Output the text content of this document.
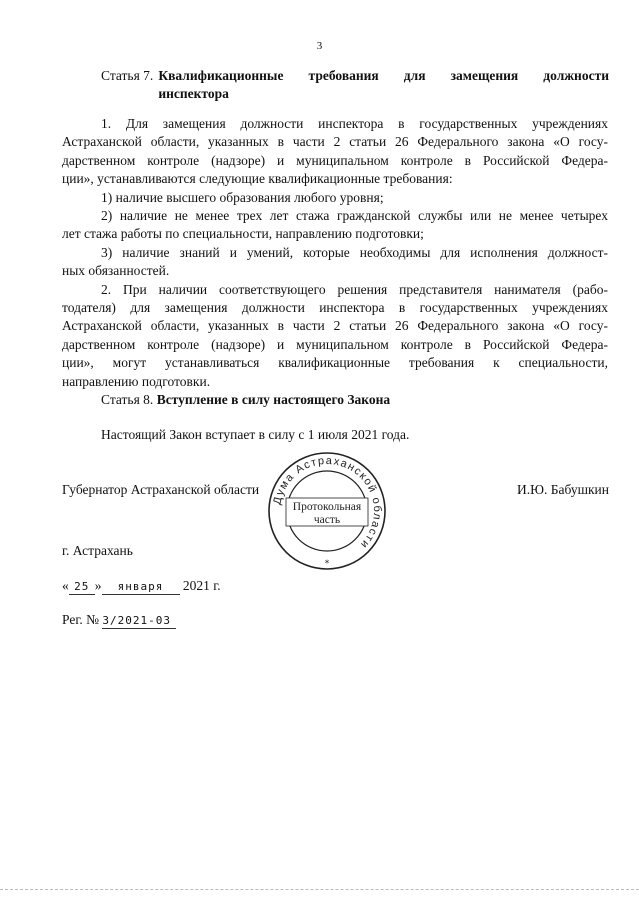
3
Статья 7. Квалификационные требования для замещения должности
инспектора
1. Для замещения должности инспектора в государственных учреждениях
Астраханской области, указанных в части 2 статьи 26 Федерального закона «О госу-
дарственном контроле (надзоре) и муниципальном контроле в Российской Федера-
ции», устанавливаются следующие квалификационные требования:
1) наличие высшего образования любого уровня;
2) наличие не менее трех лет стажа гражданской службы или не менее четырех
лет стажа работы по специальности, направлению подготовки;
3) наличие знаний и умений, которые необходимы для исполнения должност-
ных обязанностей.
2. При наличии соответствующего решения представителя нанимателя (рабо-
тодателя) для замещения должности инспектора в государственных учреждениях
Астраханской области, указанных в части 2 статьи 26 Федерального закона «О госу-
дарственном контроле (надзоре) и муниципальном контроле в Российской Федера-
ции», могут устанавливаться квалификационные требования к специальности,
направлению подготовки.
Статья 8. Вступление в силу настоящего Закона
Настоящий Закон вступает в силу с 1 июля 2021 года.
Губернатор Астраханской области	И.Ю. Бабушкин
Дума Астраханской области
Протокольная
часть
*
г. Астрахань
« 25 » января 2021 г.
Рег. № 3/2021-03
